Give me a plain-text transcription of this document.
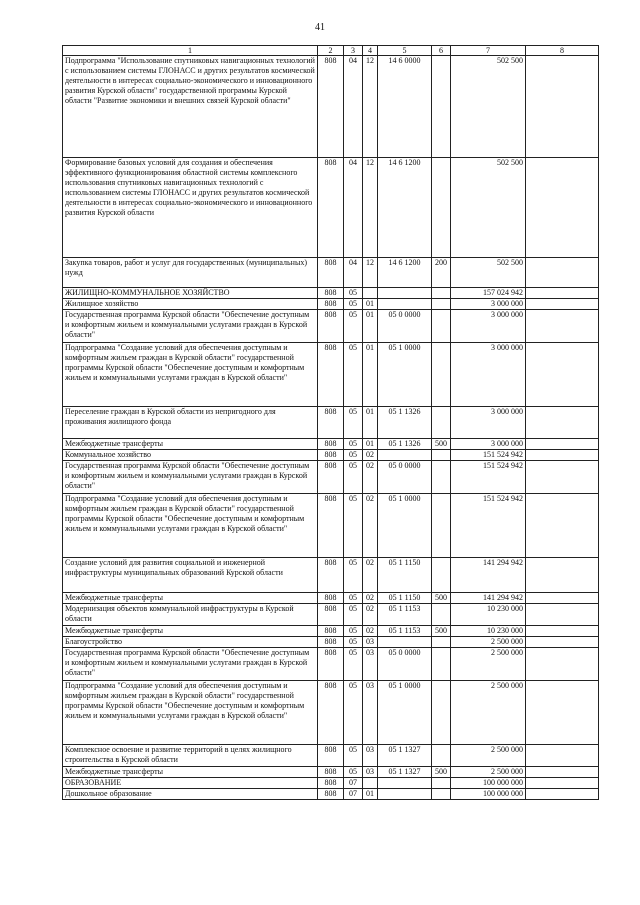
41
1	2	3	4	5	6	7	8
Подпрограмма "Использование спутниковых навигационных технологий с использованием системы ГЛОНАСС и других результатов космической деятельности в интересах социально-экономического и инновационного развития Курской области" государственной программы Курской области "Развитие экономики и внешних связей Курской области"	808	04	12	14 6 0000		502 500	
Формирование базовых условий для создания и обеспечения эффективного функционирования областной системы комплексного использования спутниковых навигационных технологий с использованием системы ГЛОНАСС и других результатов космической деятельности в интересах социально-экономического и инновационного развития Курской области	808	04	12	14 6 1200		502 500	
Закупка товаров, работ и услуг для государственных (муниципальных) нужд	808	04	12	14 6 1200	200	502 500	
ЖИЛИЩНО-КОММУНАЛЬНОЕ ХОЗЯЙСТВО	808	05				157 024 942	
Жилищное хозяйство	808	05	01			3 000 000	
Государственная программа Курской области "Обеспечение доступным и комфортным жильем и коммунальными услугами граждан в Курской области"	808	05	01	05 0 0000		3 000 000	
Подпрограмма "Создание условий для обеспечения доступным и комфортным жильем граждан в Курской области" государственной программы Курской области "Обеспечение доступным и комфортным жильем и коммунальными услугами граждан в Курской области"	808	05	01	05 1 0000		3 000 000	
Переселение граждан в Курской области из непригодного для проживания жилищного фонда	808	05	01	05 1 1326		3 000 000	
Межбюджетные трансферты	808	05	01	05 1 1326	500	3 000 000	
Коммунальное хозяйство	808	05	02			151 524 942	
Государственная программа Курской области "Обеспечение доступным и комфортным жильем и коммунальными услугами граждан в Курской области"	808	05	02	05 0 0000		151 524 942	
Подпрограмма "Создание условий для обеспечения доступным и комфортным жильем граждан в Курской области" государственной программы Курской области "Обеспечение доступным и комфортным жильем и коммунальными услугами граждан в Курской области"	808	05	02	05 1 0000		151 524 942	
Создание условий для развития социальной и инженерной инфраструктуры муниципальных образований Курской области	808	05	02	05 1 1150		141 294 942	
Межбюджетные трансферты	808	05	02	05 1 1150	500	141 294 942	
Модернизация объектов коммунальной инфраструктуры в Курской области	808	05	02	05 1 1153		10 230 000	
Межбюджетные трансферты	808	05	02	05 1 1153	500	10 230 000	
Благоустройство	808	05	03			2 500 000	
Государственная программа Курской области "Обеспечение доступным и комфортным жильем и коммунальными услугами граждан в Курской области"	808	05	03	05 0 0000		2 500 000	
Подпрограмма "Создание условий для обеспечения доступным и комфортным жильем граждан в Курской области" государственной программы Курской области "Обеспечение доступным и комфортным жильем и коммунальными услугами граждан в Курской области"	808	05	03	05 1 0000		2 500 000	
Комплексное освоение и развитие территорий в целях жилищного строительства в Курской области	808	05	03	05 1 1327		2 500 000	
Межбюджетные трансферты	808	05	03	05 1 1327	500	2 500 000	
ОБРАЗОВАНИЕ	808	07				100 000 000	
Дошкольное образование	808	07	01			100 000 000	
